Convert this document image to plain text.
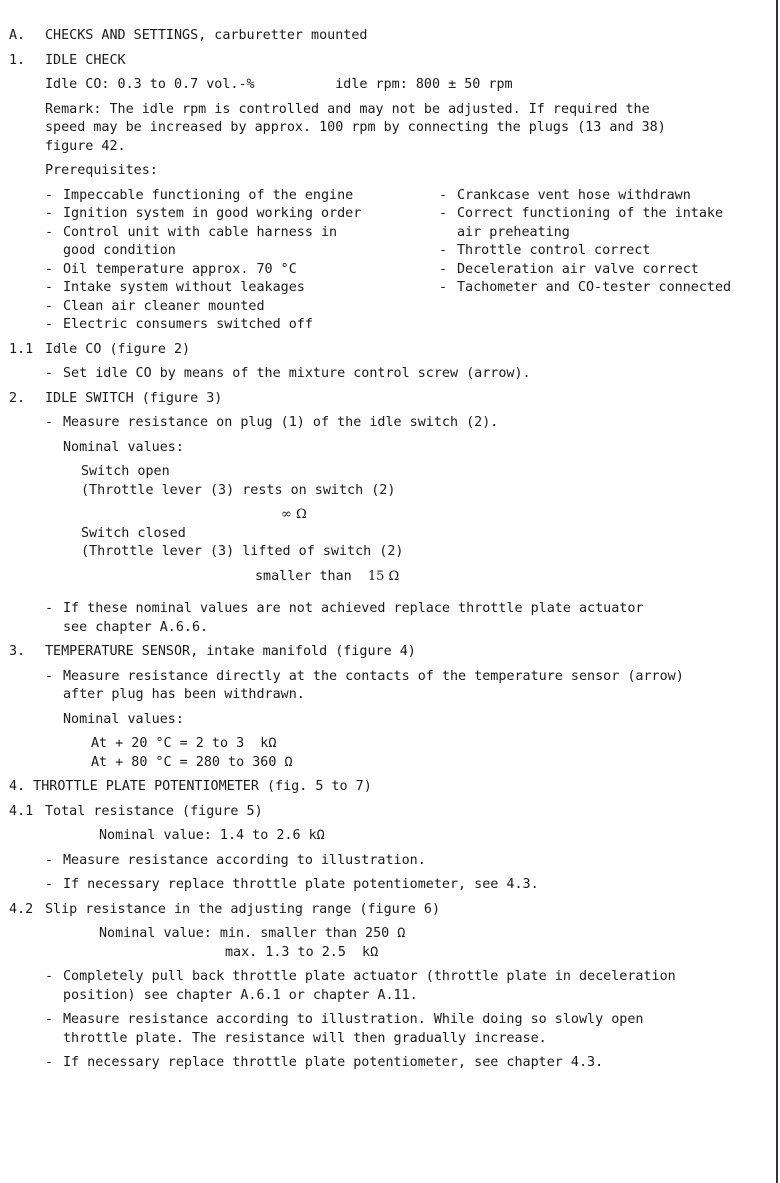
A.	CHECKS AND SETTINGS, carburetter mounted
1.	IDLE CHECK
Idle CO: 0.3 to 0.7 vol.-%	idle rpm: 800 ± 50 rpm
Remark: The idle rpm is controlled and may not be adjusted. If required the
speed may be increased by approx. 100 rpm by connecting the plugs (13 and 38)
figure 42.
Prerequisites:
- Impeccable functioning of the engine
- Ignition system in good working order
- Control unit with cable harness in
good condition
- Oil temperature approx. 70 °C
- Intake system without leakages
- Clean air cleaner mounted
- Electric consumers switched off
- Crankcase vent hose withdrawn
- Correct functioning of the intake
air preheating
- Throttle control correct
- Deceleration air valve correct
- Tachometer and CO-tester connected
1.1 Idle CO (figure 2)
- Set idle CO by means of the mixture control screw (arrow).
2.	IDLE SWITCH (figure 3)
- Measure resistance on plug (1) of the idle switch (2).
Nominal values:
Switch open
(Throttle lever (3) rests on switch (2)
∞ Ω
Switch closed
(Throttle lever (3) lifted of switch (2)
smaller than 15 Ω
- If these nominal values are not achieved replace throttle plate actuator
see chapter A.6.6.
3.	TEMPERATURE SENSOR, intake manifold (figure 4)
- Measure resistance directly at the contacts of the temperature sensor (arrow)
after plug has been withdrawn.
Nominal values:
At + 20 °C = 2 to 3  kΩ
At + 80 °C = 280 to 360 Ω
4. THROTTLE PLATE POTENTIOMETER (fig. 5 to 7)
4.1 Total resistance (figure 5)
Nominal value: 1.4 to 2.6 kΩ
- Measure resistance according to illustration.
- If necessary replace throttle plate potentiometer, see 4.3.
4.2 Slip resistance in the adjusting range (figure 6)
Nominal value: min. smaller than 250 Ω
max. 1.3 to 2.5  kΩ
- Completely pull back throttle plate actuator (throttle plate in deceleration
position) see chapter A.6.1 or chapter A.11.
- Measure resistance according to illustration. While doing so slowly open
throttle plate. The resistance will then gradually increase.
- If necessary replace throttle plate potentiometer, see chapter 4.3.
